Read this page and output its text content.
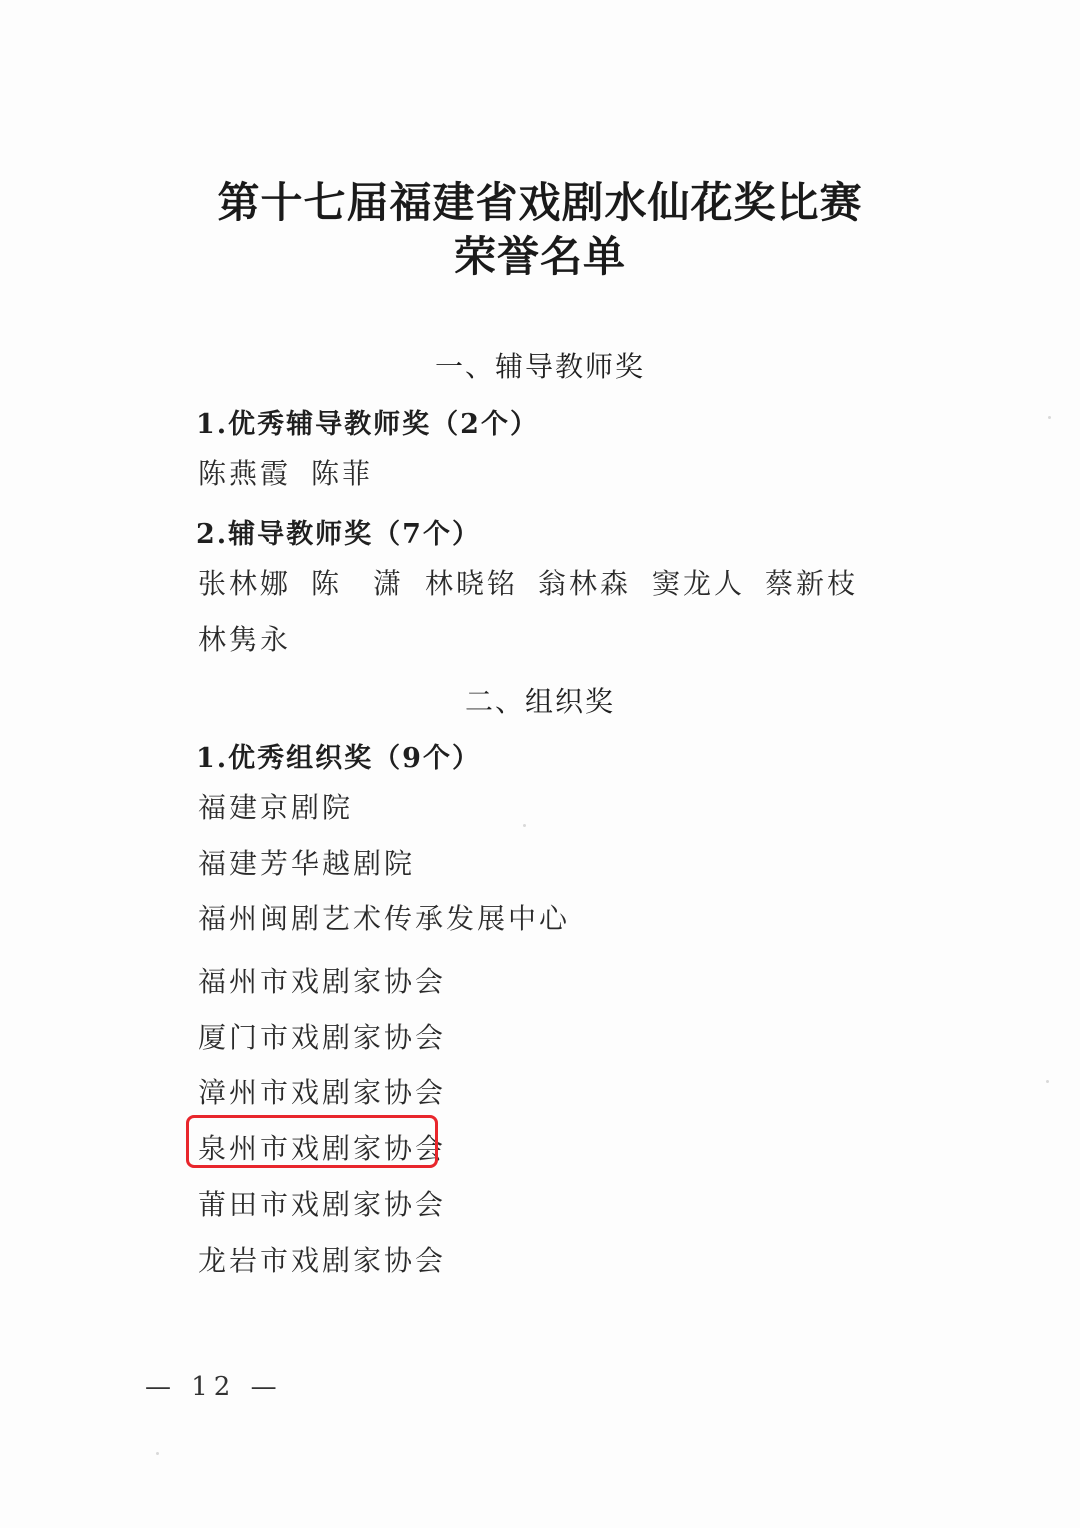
第十七届福建省戏剧水仙花奖比赛
荣誉名单
一、辅导教师奖
1.优秀辅导教师奖（2个）
陈燕霞 陈菲
2.辅导教师奖（7个）
张林娜 陈　潇 林晓铭 翁林森 窦龙人 蔡新枝
林隽永
二、组织奖
1.优秀组织奖（9个）
福建京剧院
福建芳华越剧院
福州闽剧艺术传承发展中心
福州市戏剧家协会
厦门市戏剧家协会
漳州市戏剧家协会
泉州市戏剧家协会
莆田市戏剧家协会
龙岩市戏剧家协会
— 12 —
